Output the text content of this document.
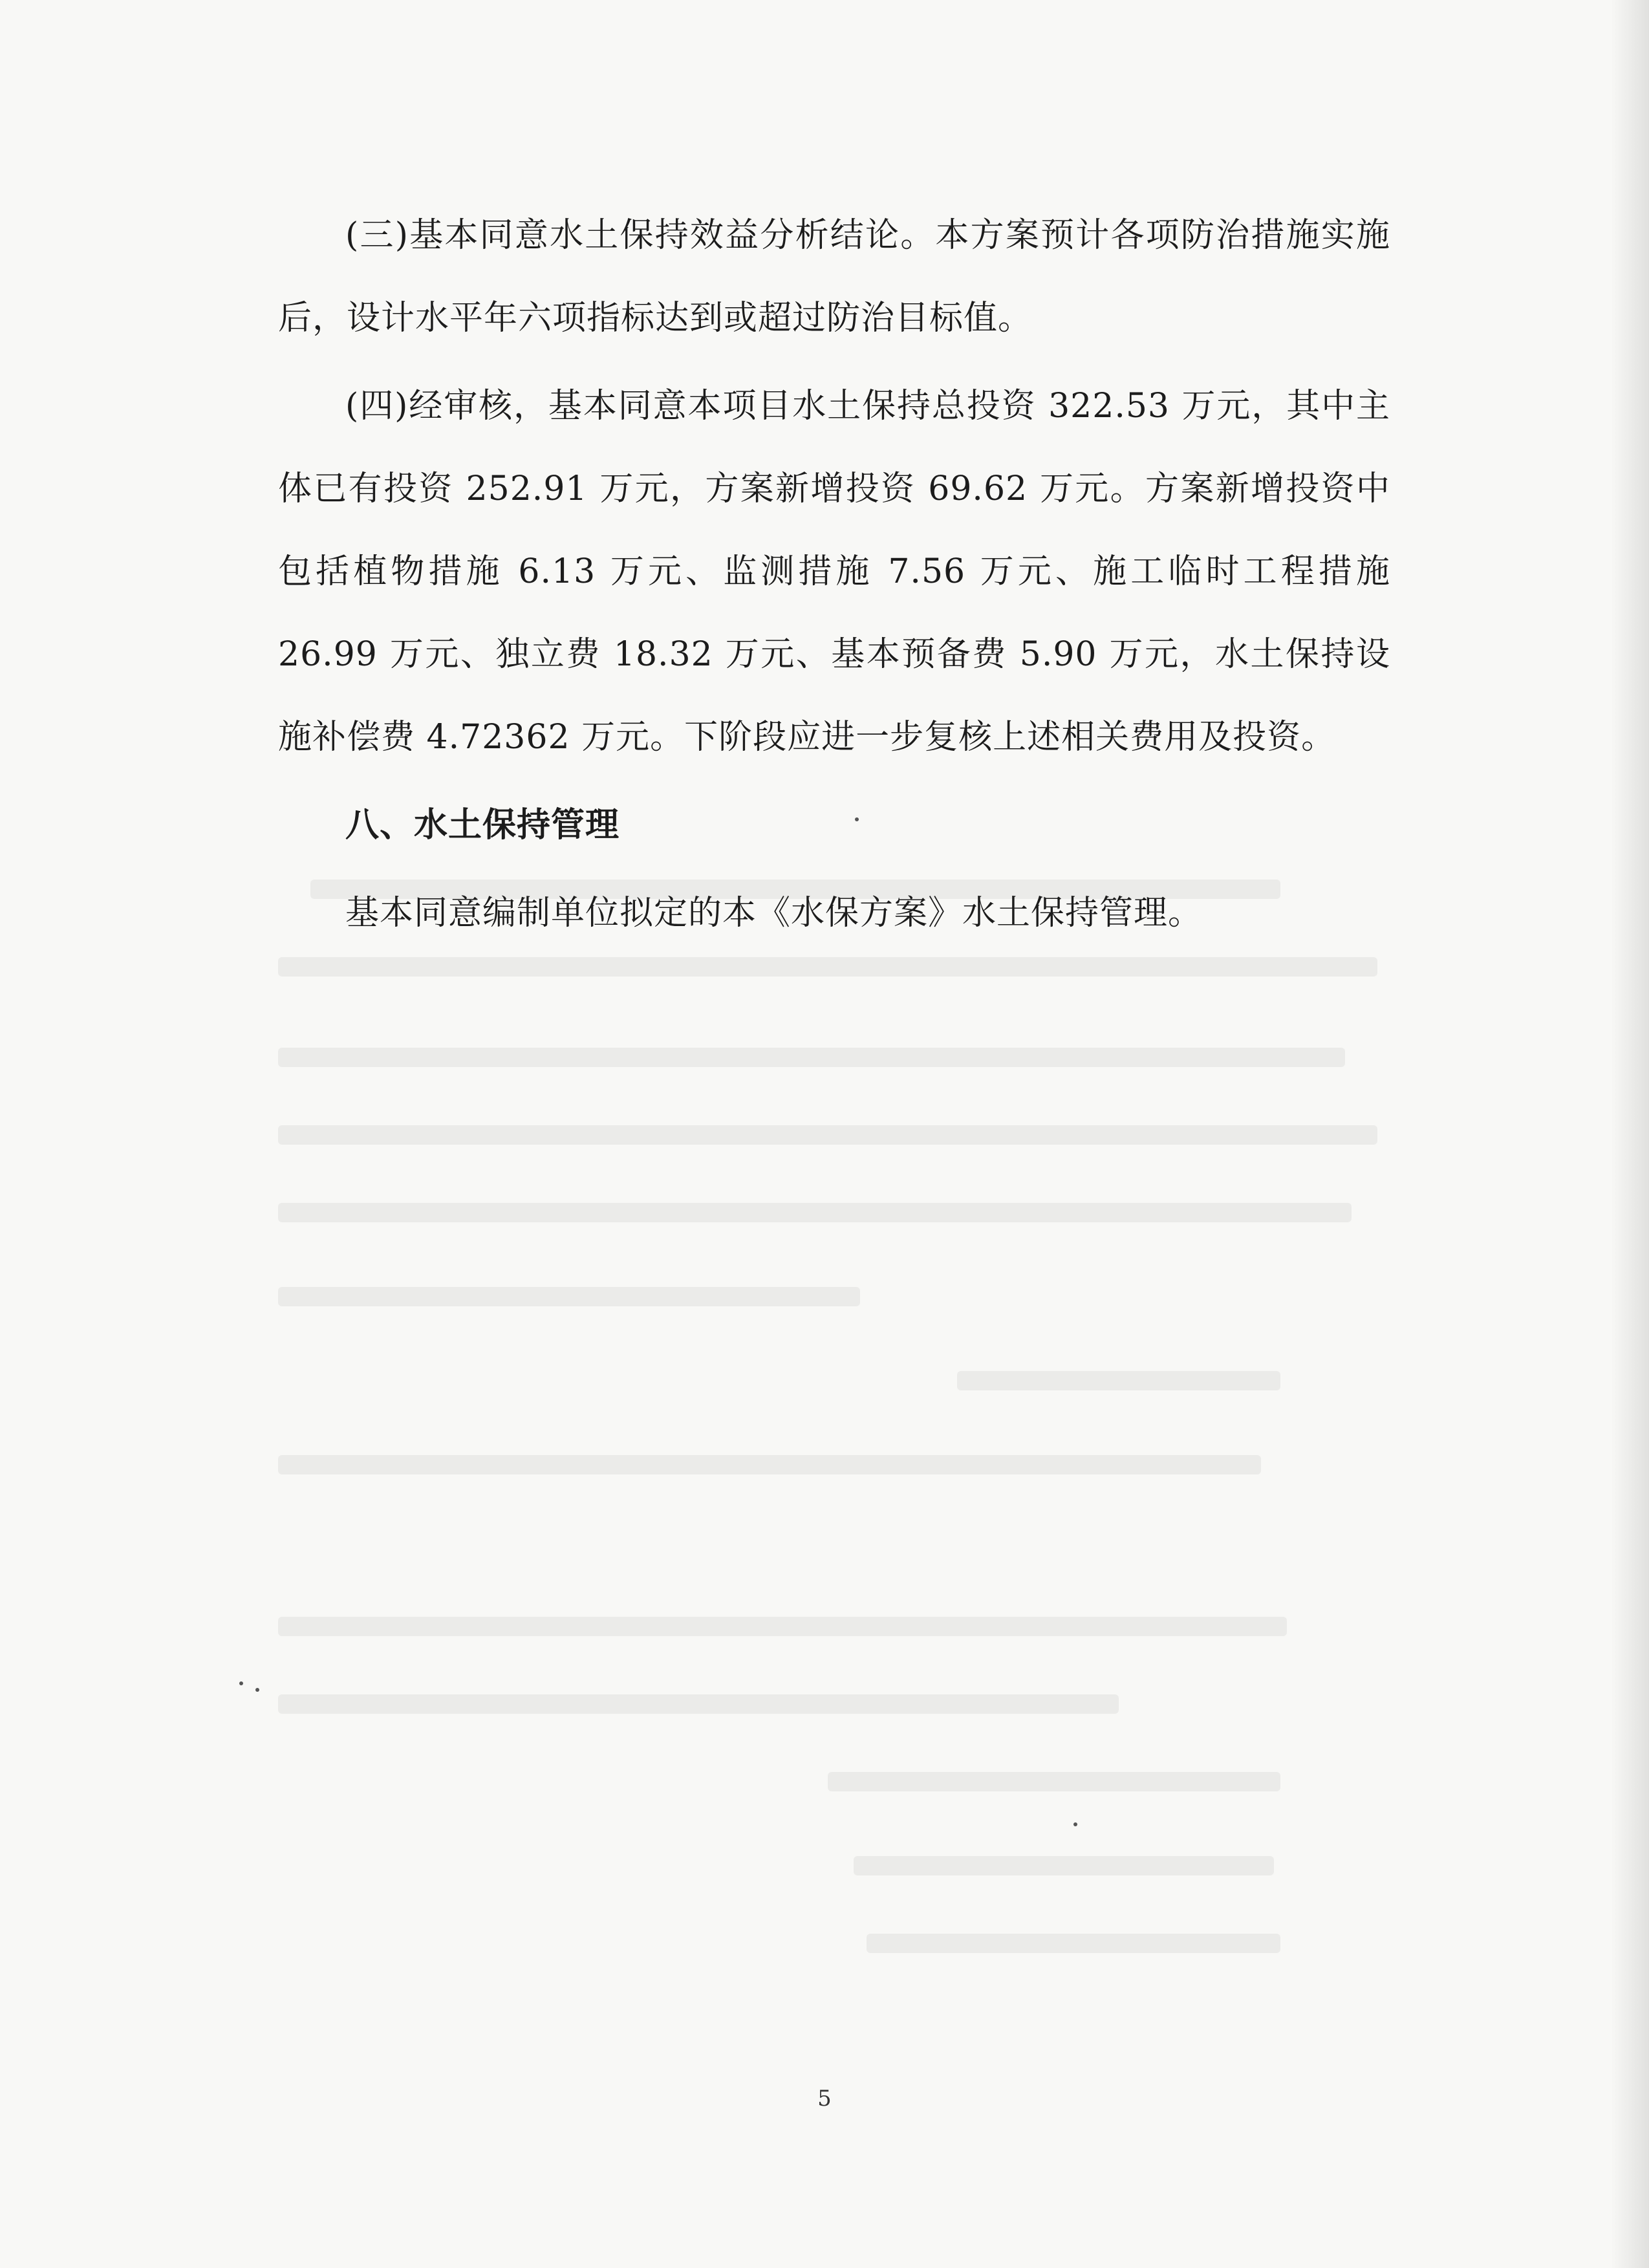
(三)基本同意水土保持效益分析结论。本方案预计各项防治措施实施后，设计水平年六项指标达到或超过防治目标值。

(四)经审核，基本同意本项目水土保持总投资 322.53 万元，其中主体已有投资 252.91 万元，方案新增投资 69.62 万元。方案新增投资中包括植物措施 6.13 万元、监测措施 7.56 万元、施工临时工程措施 26.99 万元、独立费 18.32 万元、基本预备费 5.90 万元，水土保持设施补偿费 4.72362 万元。下阶段应进一步复核上述相关费用及投资。

八、水土保持管理

基本同意编制单位拟定的本《水保方案》水土保持管理。

5
